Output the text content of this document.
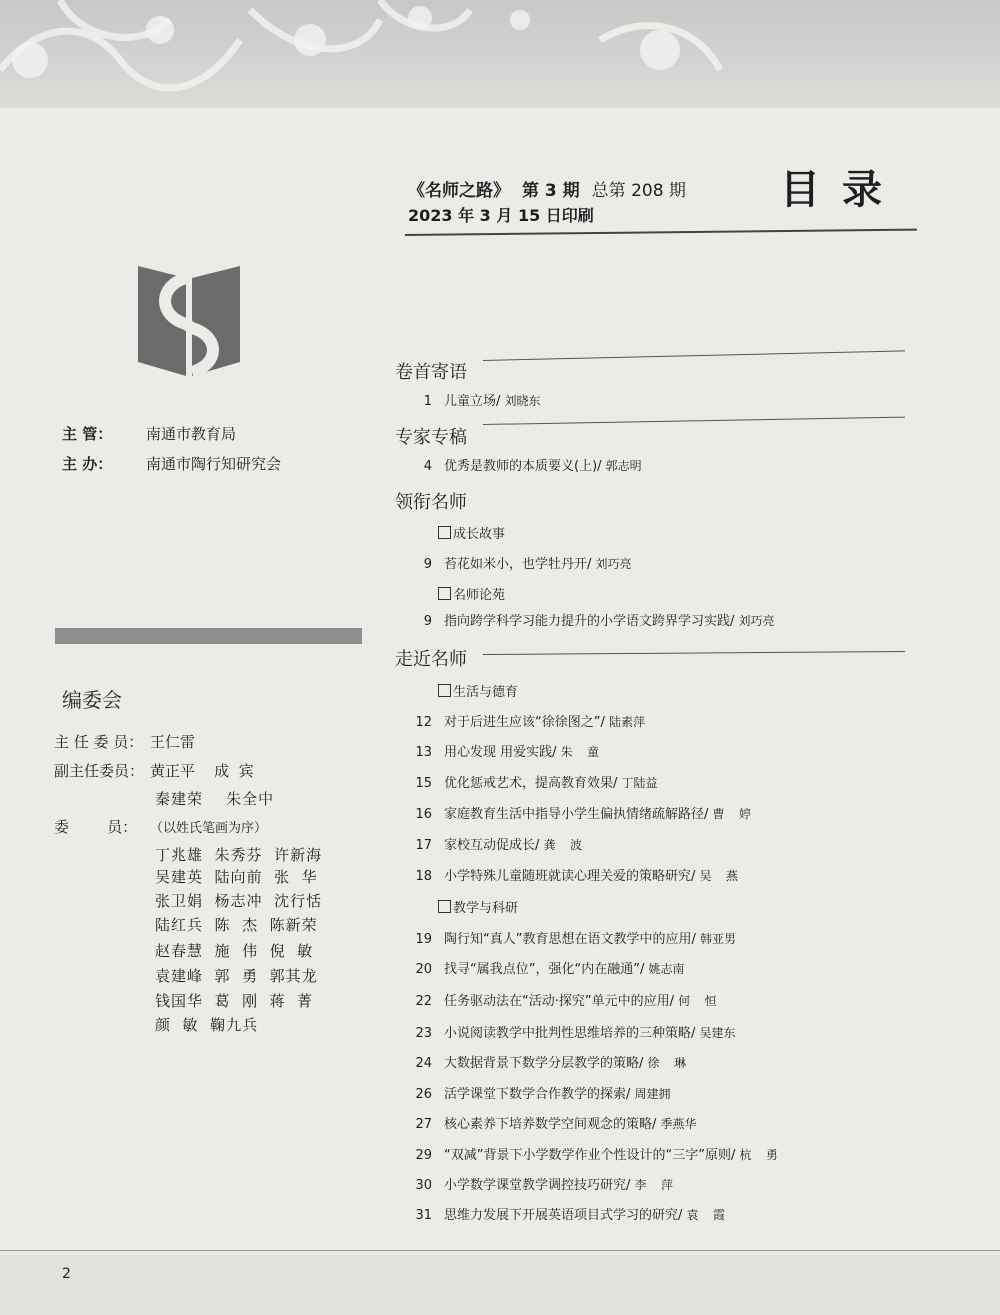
《名师之路》 第 3 期 总第 208 期
2023 年 3 月 15 日印刷
目录
主 管： 南通市教育局
主 办： 南通市陶行知研究会
编委会
主 任 委 员： 王仁雷
副主任委员： 黄正平    成  宾
秦建荣    朱全中
委        员： （以姓氏笔画为序）
丁兆雄  朱秀芬  许新海
吴建英  陆向前  张  华
张卫娟  杨志冲  沈行恬
陆红兵  陈  杰  陈新荣
赵春慧  施  伟  倪  敏
袁建峰  郭  勇  郭其龙
钱国华  葛  刚  蒋  菁
颜  敏  鞠九兵
卷首寄语
专家专稿
领衔名师
走近名师
成长故事
名师论苑
生活与德育
教学与科研
1 儿童立场/ 刘晓东
4 优秀是教师的本质要义(上)/ 郭志明
9 苔花如米小，也学牡丹开/ 刘巧亮
9 指向跨学科学习能力提升的小学语文跨界学习实践/ 刘巧亮
12 对于后进生应该“徐徐图之”/ 陆素萍
13 用心发现 用爱实践/ 朱  童
15 优化惩戒艺术，提高教育效果/ 丁陆益
16 家庭教育生活中指导小学生偏执情绪疏解路径/ 曹  婷
17 家校互动促成长/ 龚  波
18 小学特殊儿童随班就读心理关爱的策略研究/ 吴  燕
19 陶行知“真人”教育思想在语文教学中的应用/ 韩亚男
20 找寻“属我点位”，强化“内在融通”/ 姚志南
22 任务驱动法在“活动·探究”单元中的应用/ 何  恒
23 小说阅读教学中批判性思维培养的三种策略/ 吴建东
24 大数据背景下数学分层教学的策略/ 徐  琳
26 活学课堂下数学合作教学的探索/ 周建拥
27 核心素养下培养数学空间观念的策略/ 季燕华
29 “双减”背景下小学数学作业个性设计的“三字”原则/ 杭  勇
30 小学数学课堂教学调控技巧研究/ 李  萍
31 思维力发展下开展英语项目式学习的研究/ 袁  霞
2
